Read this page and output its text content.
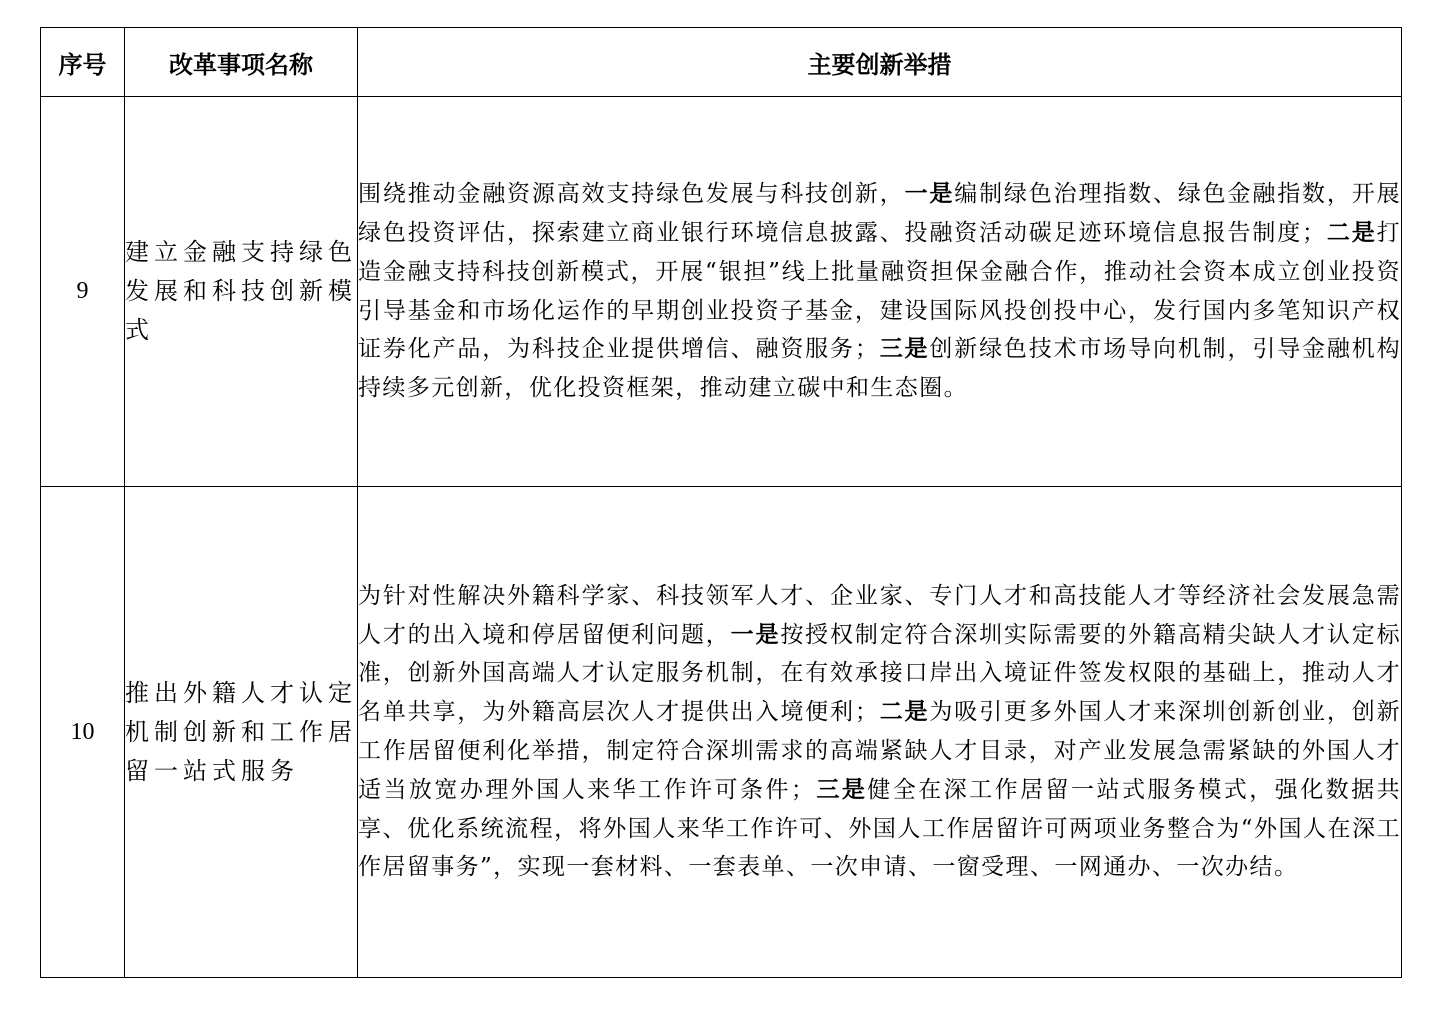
序号	改革事项名称	主要创新举措
9	建立金融支持绿色发展和科技创新模式	围绕推动金融资源高效支持绿色发展与科技创新，一是编制绿色治理指数、绿色金融指数，开展绿色投资评估，探索建立商业银行环境信息披露、投融资活动碳足迹环境信息报告制度；二是打造金融支持科技创新模式，开展“银担”线上批量融资担保金融合作，推动社会资本成立创业投资引导基金和市场化运作的早期创业投资子基金，建设国际风投创投中心，发行国内多笔知识产权证券化产品，为科技企业提供增信、融资服务；三是创新绿色技术市场导向机制，引导金融机构持续多元创新，优化投资框架，推动建立碳中和生态圈。

10	推出外籍人才认定机制创新和工作居留一站式服务	为针对性解决外籍科学家、科技领军人才、企业家、专门人才和高技能人才等经济社会发展急需人才的出入境和停居留便利问题，一是按授权制定符合深圳实际需要的外籍高精尖缺人才认定标准，创新外国高端人才认定服务机制，在有效承接口岸出入境证件签发权限的基础上，推动人才名单共享，为外籍高层次人才提供出入境便利；二是为吸引更多外国人才来深圳创新创业，创新工作居留便利化举措，制定符合深圳需求的高端紧缺人才目录，对产业发展急需紧缺的外国人才适当放宽办理外国人来华工作许可条件；三是健全在深工作居留一站式服务模式，强化数据共享、优化系统流程，将外国人来华工作许可、外国人工作居留许可两项业务整合为“外国人在深工作居留事务”，实现一套材料、一套表单、一次申请、一窗受理、一网通办、一次办结。
